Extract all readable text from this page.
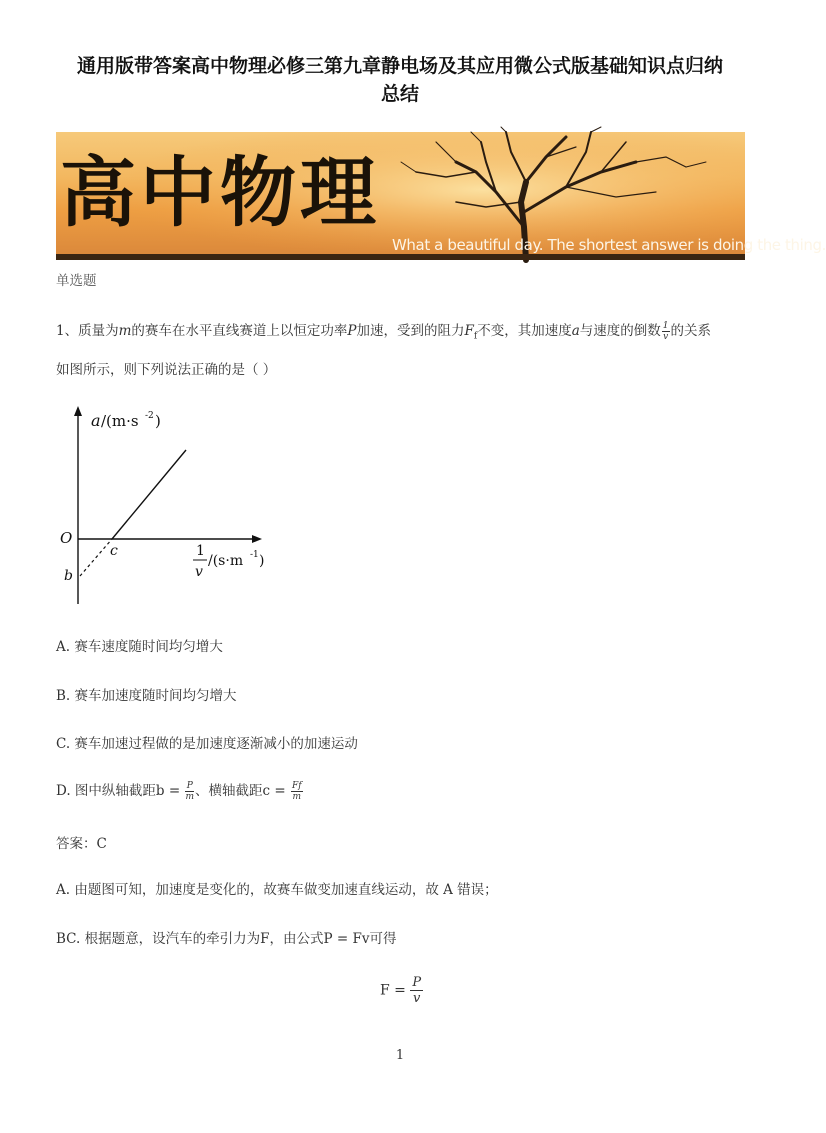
通用版带答案高中物理必修三第九章静电场及其应用微公式版基础知识点归纳
总结
高中物理
What a beautiful day. The shortest answer is doing the thing.
单选题
1、质量为m的赛车在水平直线赛道上以恒定功率P加速，受到的阻力$F_f$不变，其加速度a与速度的倒数 $\frac{1}{v}$ 的关系
如图所示，则下列说法正确的是（ ）
a /(m·s -2 )
O
c
b
1
v
/(s·m -1 )
A. 赛车速度随时间均匀增大
B. 赛车加速度随时间均匀增大
C. 赛车加速过程做的是加速度逐渐减小的加速运动
D. 图中纵轴截距$b = \frac{P}{m}$ 、横轴截距$c = \frac{Ff}{m}$
答案：C
A. 由题图可知，加速度是变化的，故赛车做变加速直线运动，故 A 错误；
BC. 根据题意，设汽车的牵引力为F，由公式P = Fv可得
$F = \frac{P}{v}$
1
